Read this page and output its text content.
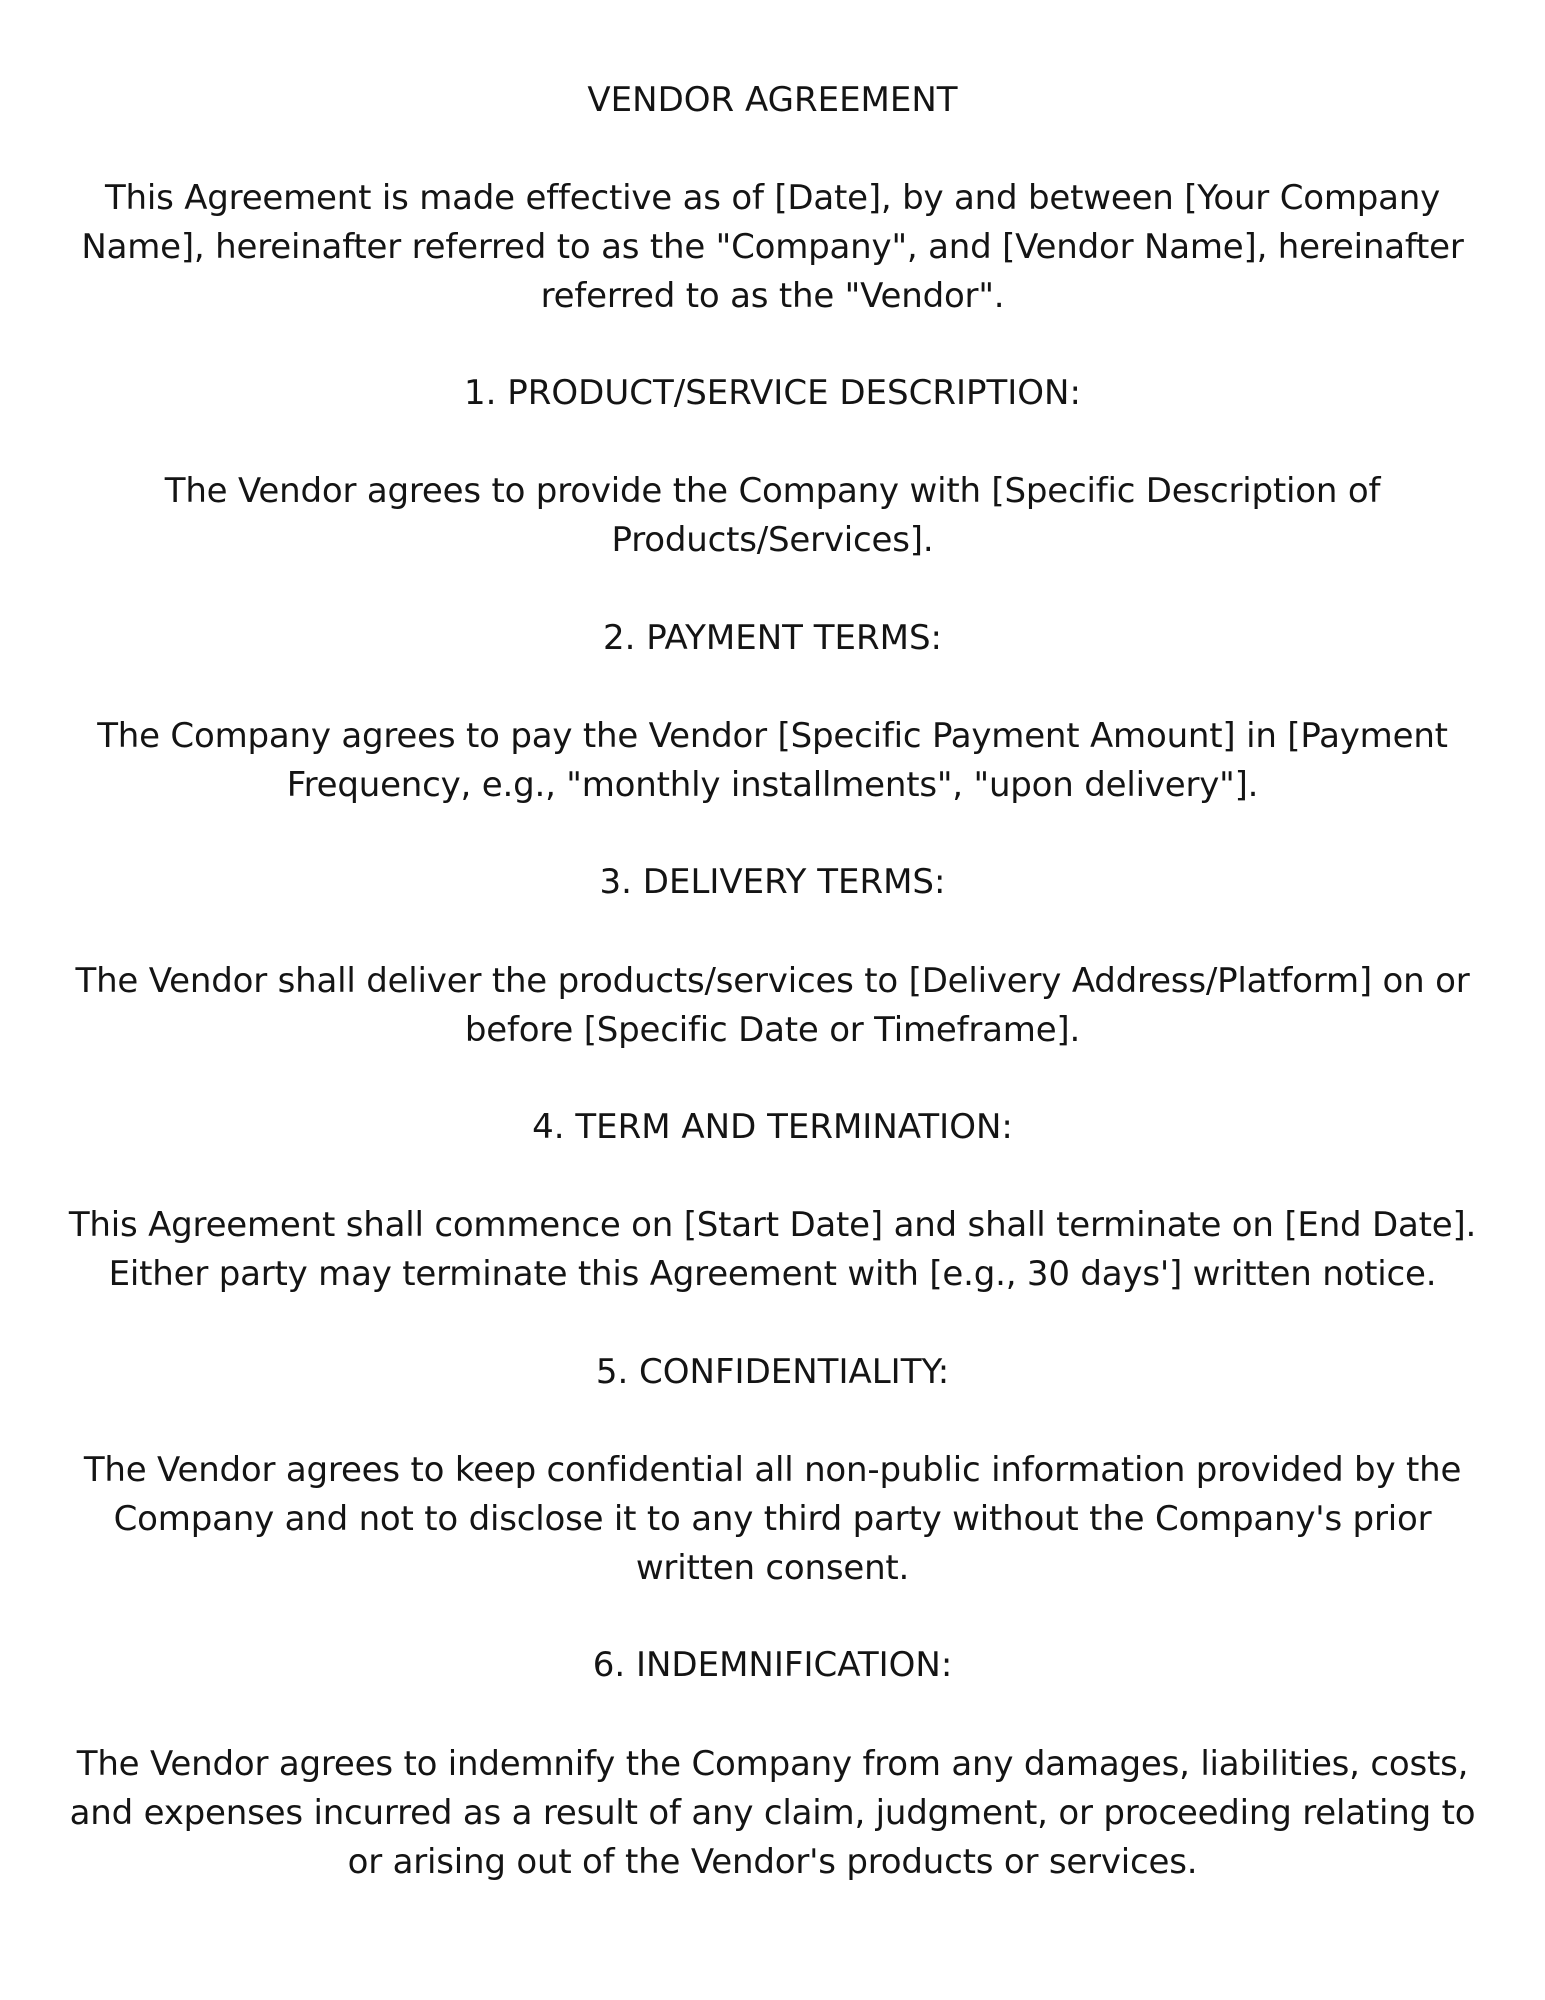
VENDOR AGREEMENT

This Agreement is made effective as of [Date], by and between [Your Company Name], hereinafter referred to as the "Company", and [Vendor Name], hereinafter referred to as the "Vendor".

1. PRODUCT/SERVICE DESCRIPTION:

The Vendor agrees to provide the Company with [Specific Description of Products/Services].

2. PAYMENT TERMS:

The Company agrees to pay the Vendor [Specific Payment Amount] in [Payment Frequency, e.g., "monthly installments", "upon delivery"].

3. DELIVERY TERMS:

The Vendor shall deliver the products/services to [Delivery Address/Platform] on or before [Specific Date or Timeframe].

4. TERM AND TERMINATION:

This Agreement shall commence on [Start Date] and shall terminate on [End Date]. Either party may terminate this Agreement with [e.g., 30 days'] written notice.

5. CONFIDENTIALITY:

The Vendor agrees to keep confidential all non-public information provided by the Company and not to disclose it to any third party without the Company's prior written consent.

6. INDEMNIFICATION:

The Vendor agrees to indemnify the Company from any damages, liabilities, costs, and expenses incurred as a result of any claim, judgment, or proceeding relating to or arising out of the Vendor's products or services.
